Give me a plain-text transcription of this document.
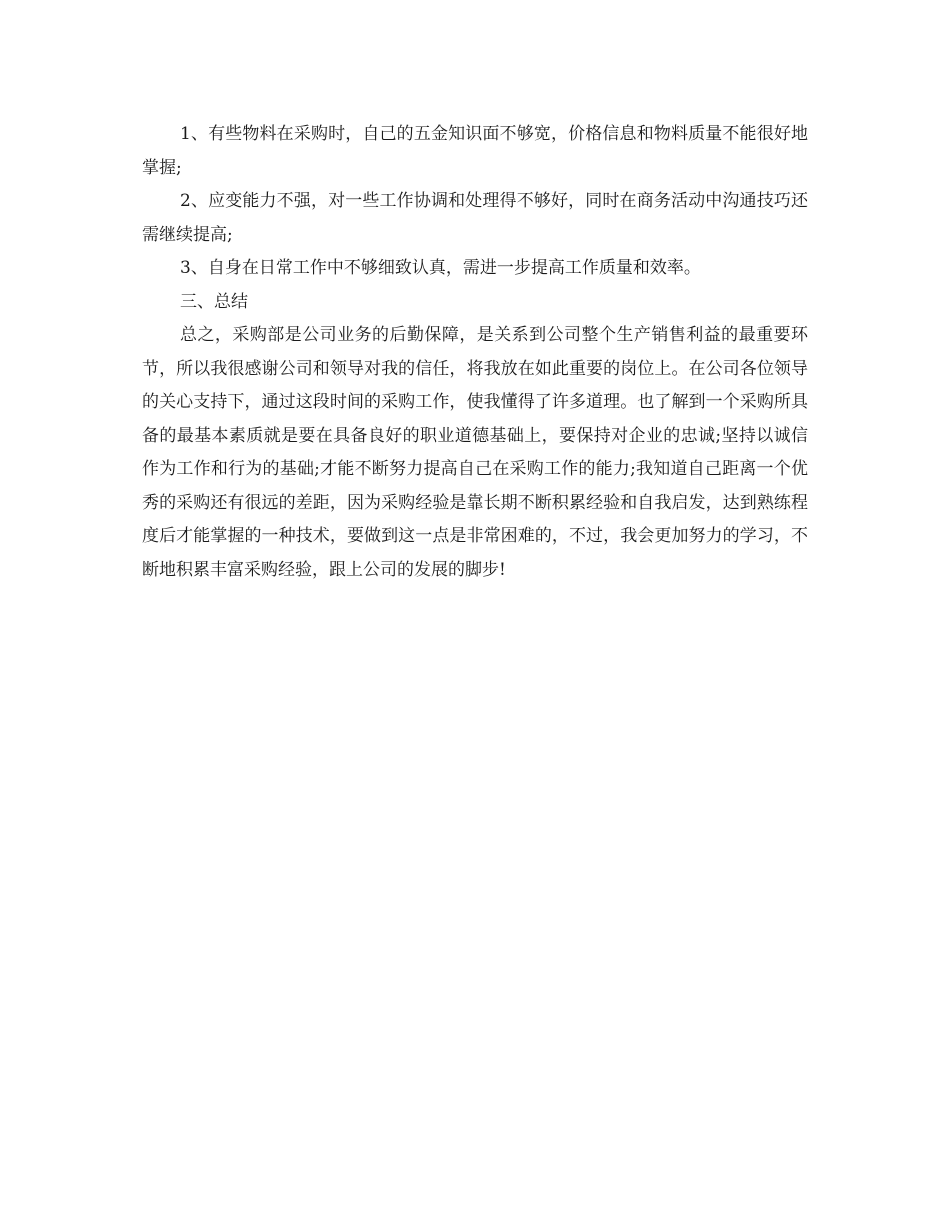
1、有些物料在采购时，自己的五金知识面不够宽，价格信息和物料质量不能很好地掌握;

2、应变能力不强，对一些工作协调和处理得不够好，同时在商务活动中沟通技巧还需继续提高;

3、自身在日常工作中不够细致认真，需进一步提高工作质量和效率。

三、总结

总之，采购部是公司业务的后勤保障，是关系到公司整个生产销售利益的最重要环节，所以我很感谢公司和领导对我的信任，将我放在如此重要的岗位上。在公司各位领导的关心支持下，通过这段时间的采购工作，使我懂得了许多道理。也了解到一个采购所具备的最基本素质就是要在具备良好的职业道德基础上，要保持对企业的忠诚;坚持以诚信作为工作和行为的基础;才能不断努力提高自己在采购工作的能力;我知道自己距离一个优秀的采购还有很远的差距，因为采购经验是靠长期不断积累经验和自我启发，达到熟练程度后才能掌握的一种技术，要做到这一点是非常困难的，不过，我会更加努力的学习，不断地积累丰富采购经验，跟上公司的发展的脚步!
